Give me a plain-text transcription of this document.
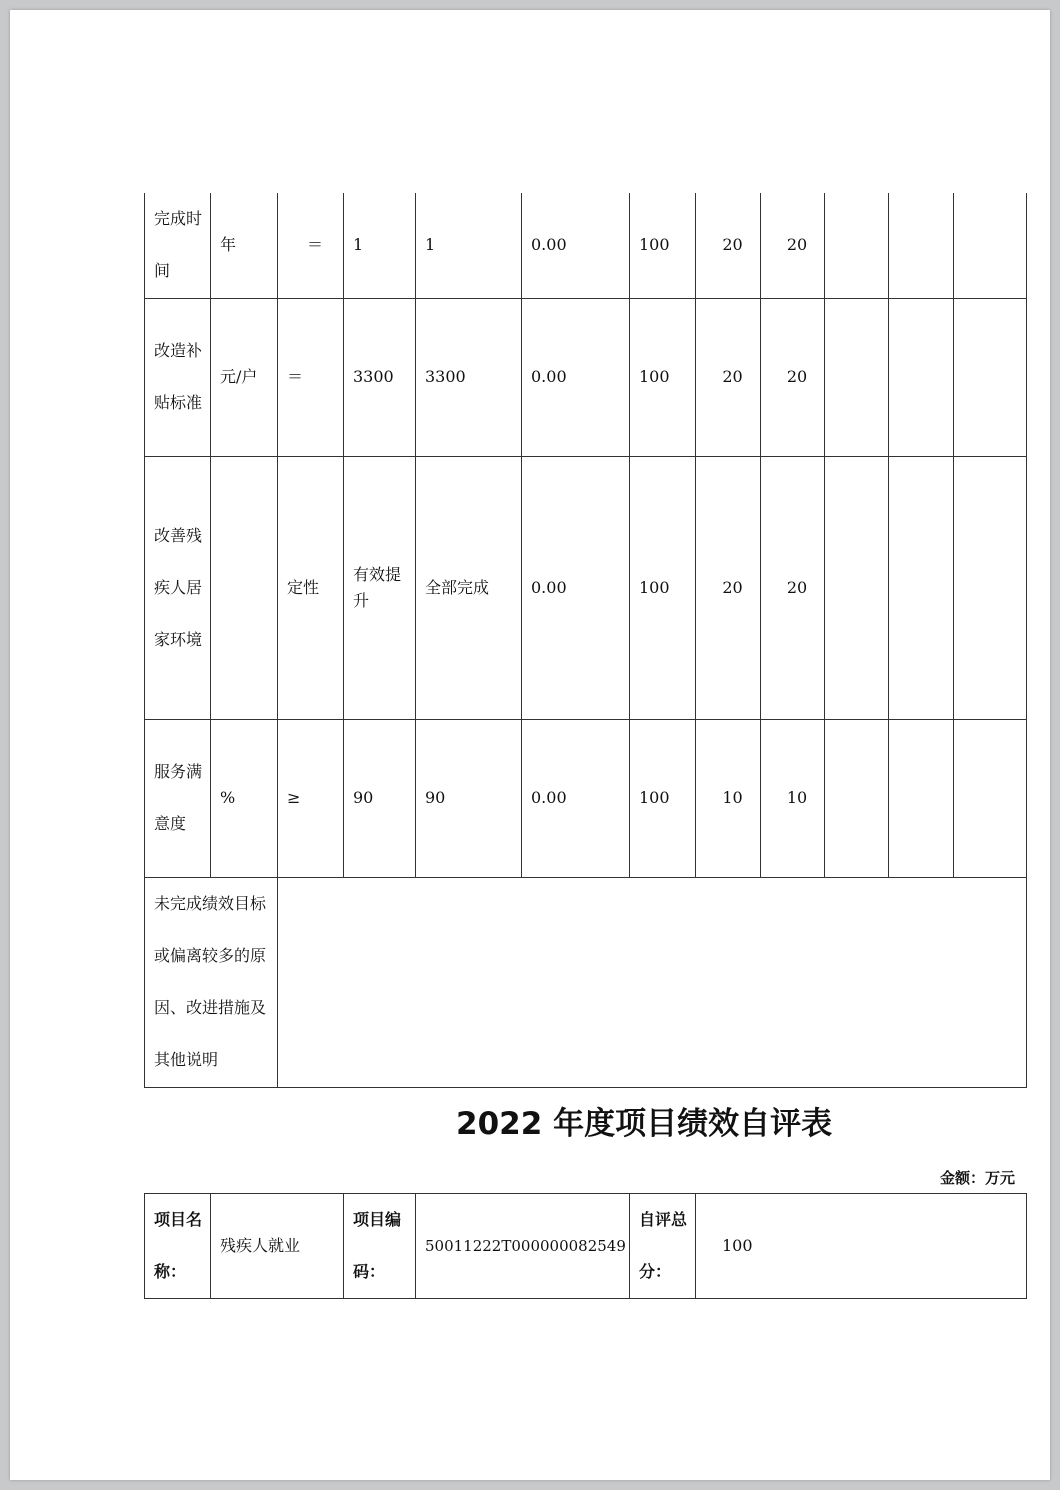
完成时间	年	＝	1	1	0.00	100	20	20			
改造补贴标准	元/户	＝	3300	3300	0.00	100	20	20			
改善残疾人居家环境		定性	有效提升	全部完成	0.00	100	20	20			
服务满意度	%	≥	90	90	0.00	100	10	10			
未完成绩效目标或偏离较多的原因、改进措施及其他说明											
2022 年度项目绩效自评表
金额：万元
项目名称：	残疾人就业	项目编码：	50011222T000000082549	自评总分：	100
